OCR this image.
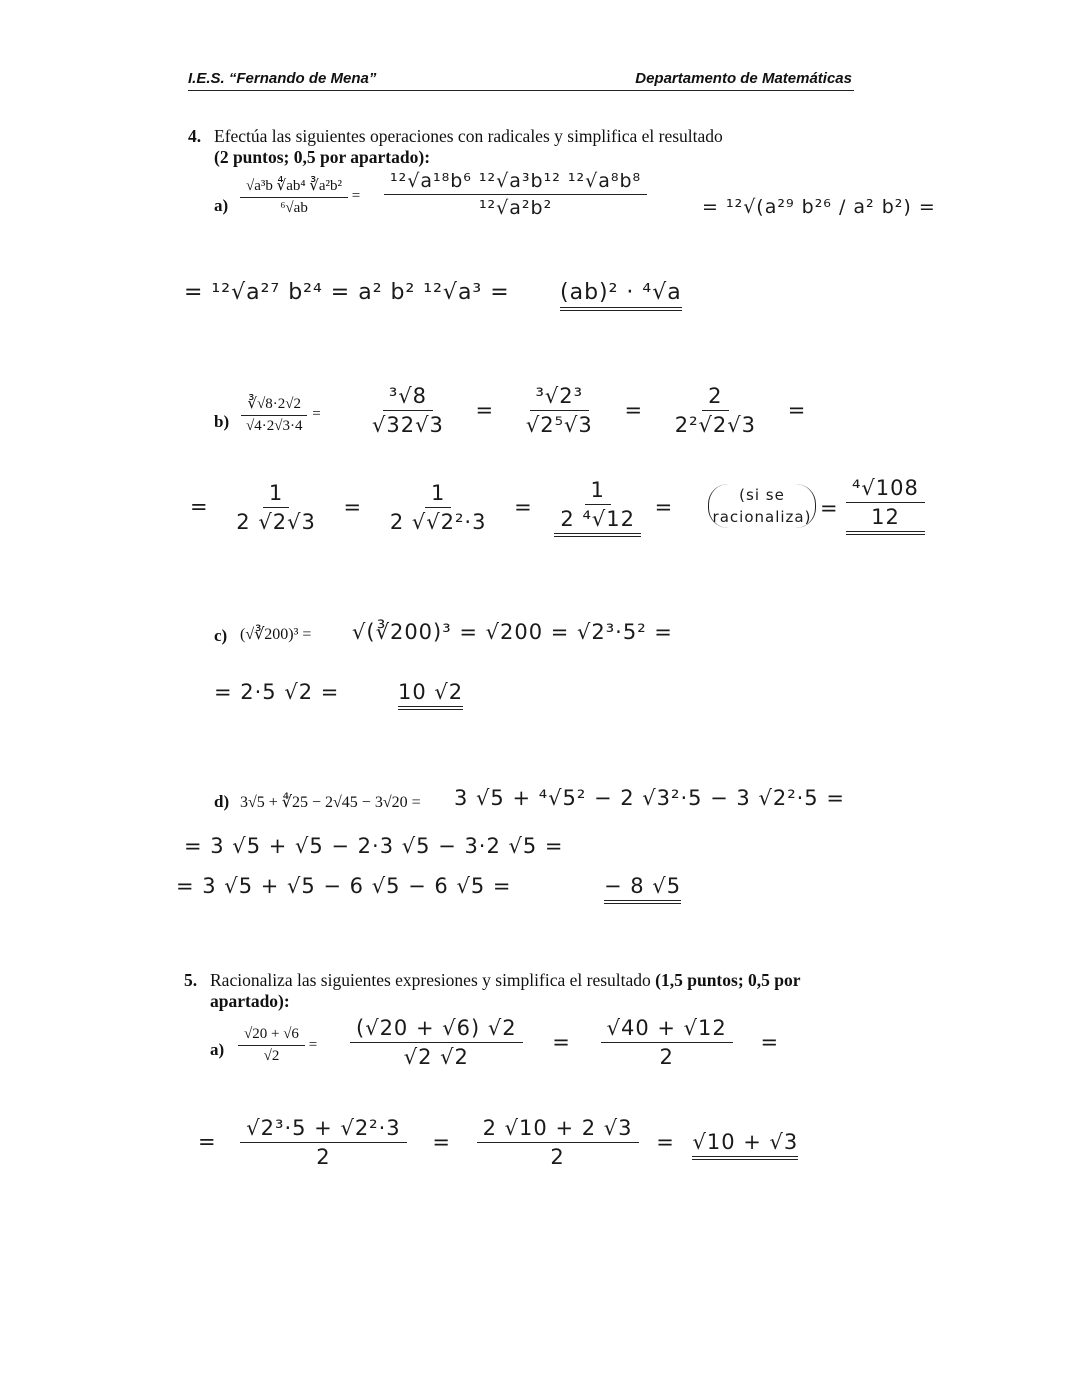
I.E.S. “Fernando de Mena”	Departamento de Matemáticas
4. Efectúa las siguientes operaciones con radicales y simplifica el resultado
(2 puntos; 0,5 por apartado):
$a) \frac{\text{√a³b ∜ab⁴ ∛a²b²}}{\text{⁶√ab}} = \frac{\text{¹²√a¹⁸b⁶ ¹²√a³b¹² ¹²√a⁸b⁸}}{\text{¹²√a²b²}}$	= ¹²√(a²⁹ b²⁶ / a² b²) =
= ¹²√a²⁷ b²⁴ = a² b² ¹²√a³ = (ab)² · ⁴√a
$b) \frac{∛√8\cdot 2√2}{√4\cdot 2√3\cdot 4} = \frac{\text{³√8}}{√32√3} = \frac{\text{³√2³}}{\text{√2⁵√3}} = \frac{2}{\text{2²√2√3}}$ =
= $\frac{1}{2 √2√3} = \frac{1}{\text{2 √√2²·3}} = \frac{1}{\text{2 ⁴√12}}$ =	(si se racionaliza) = $\frac{\text{⁴√108}}{12}$
c) (√∛200)³ = √(∛200)³ = √200 = √2³·5² =
= 2·5 √2 =	10 √2
d) 3√5 + ∜25 − 2√45 − 3√20 = 3 √5 + ⁴√5² − 2 √3²·5 − 3 √2²·5 =
= 3 √5 + √5 − 2·3 √5 − 3·2 √5 =
= 3 √5 + √5 − 6 √5 − 6 √5 =	− 8 √5
5. Racionaliza las siguientes expresiones y simplifica el resultado (1,5 puntos; 0,5 por
apartado):
$a) \frac{√20 + √6}{√2} = \frac{(√20 + √6) √2}{√2 √2} = \frac{√40 + √12}{2}$ =
= $\frac{\text{√2³·5 + √2²·3}}{2} = \frac{2 √10 + 2 √3}{2} = √10 + √3$
